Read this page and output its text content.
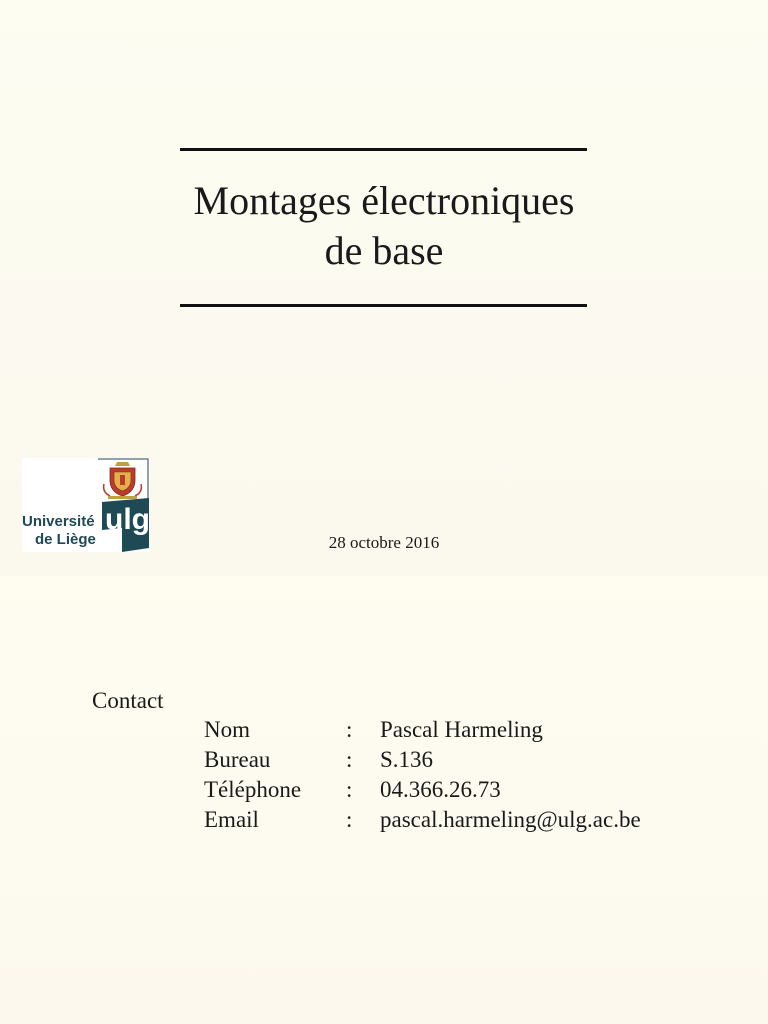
Montages électroniques
de base
ulg
Université
de Liège	28 octobre 2016
Contact
Nom	: Pascal Harmeling
Bureau	: S.136
Téléphone : 04.366.26.73
Email	: pascal.harmeling@ulg.ac.be
